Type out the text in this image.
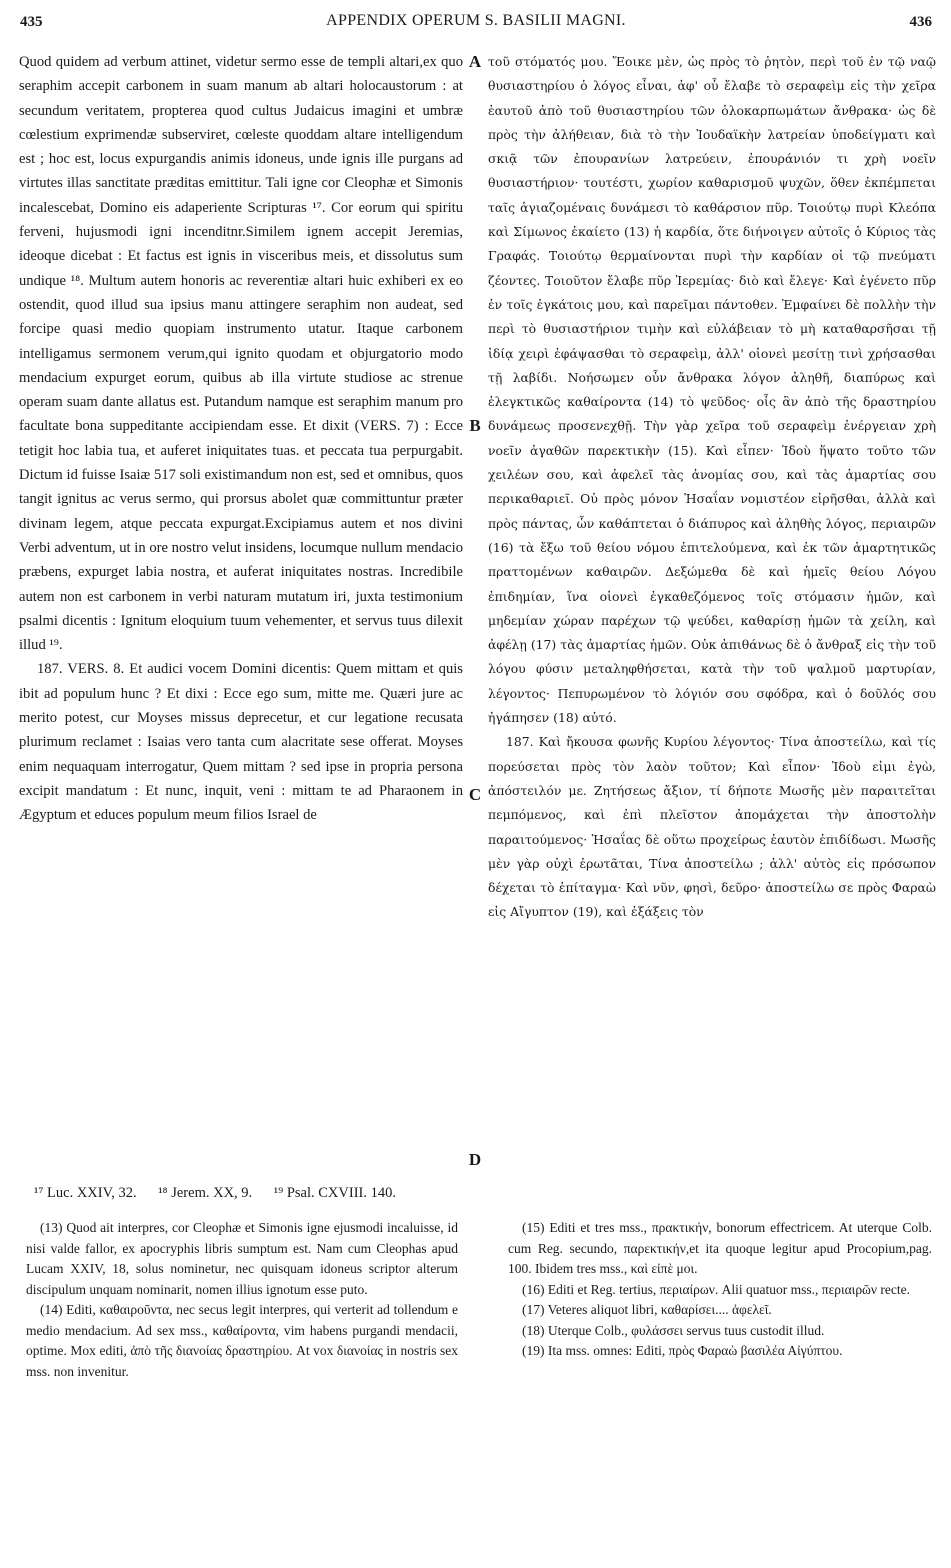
435	APPENDIX OPERUM S. BASILII MAGNI.	436

Quod quidem ad verbum attinet, videtur sermo esse de templi altari,ex quo seraphim accepit carbonem in suam manum ab altari holocaustorum : at secundum veritatem, propterea quod cultus Judaicus imagini et umbræ cœlestium exprimendæ subserviret, cœleste quoddam altare intelligendum est ; hoc est, locus expurgandis animis idoneus, unde ignis ille purgans ad virtutes illas sanctitate præditas emittitur. Tali igne cor Cleophæ et Simonis incalescebat, Domino eis adaperiente Scripturas ¹⁷. Cor eorum qui spiritu ferveni, hujusmodi igni incenditnr.Similem ignem accepit Jeremias, ideoque dicebat : Et factus est ignis in visceribus meis, et dissolutus sum undique ¹⁸. Multum autem honoris ac reverentiæ altari huic exhiberi ex eo ostendit, quod illud sua ipsius manu attingere seraphim non audeat, sed forcipe quasi medio quopiam instrumento utatur. Itaque carbonem intelligamus sermonem verum,qui ignito quodam et objurgatorio modo mendacium expurget eorum, quibus ab illa virtute studiose ac strenue operam suam dante allatus est. Putandum namque est seraphim manum pro facultate bona suppeditante accipiendam esse. Et dixit (VERS. 7) : Ecce tetigit hoc labia tua, et auferet iniquitates tuas. et peccata tua perpurgabit. Dictum id fuisse Isaiæ 517 soli existimandum non est, sed et omnibus, quos tangit ignitus ac verus sermo, qui prorsus abolet quæ committuntur præter divinam legem, atque peccata expurgat.Excipiamus autem et nos divini Verbi adventum, ut in ore nostro velut insidens, locumque nullum mendacio præbens, expurget labia nostra, et auferat iniquitates nostras. Incredibile autem non est carbonem in verbi naturam mutatum iri, juxta testimonium psalmi dicentis : Ignitum eloquium tuum vehementer, et servus tuus dilexit illud ¹⁹.

187. VERS. 8. Et audici vocem Domini dicentis: Quem mittam et quis ibit ad populum hunc ? Et dixi : Ecce ego sum, mitte me. Quæri jure ac merito potest, cur Moyses missus deprecetur, et cur legatione recusata plurimum reclamet : Isaias vero tanta cum alacritate sese offerat. Moyses enim nequaquam interrogatur, Quem mittam ? sed ipse in propria persona excipit mandatum : Et nunc, inquit, veni : mittam te ad Pharaonem in Ægyptum et educes populum meum filios Israel de

A
B
C
D

τοῦ στόματός μου. Ἔοικε μὲν, ὡς πρὸς τὸ ῥητὸν, περὶ τοῦ ἐν τῷ ναῷ θυσιαστηρίου ὁ λόγος εἶναι, ἀφ' οὗ ἔλαβε τὸ σεραφεὶμ εἰς τὴν χεῖρα ἑαυτοῦ ἀπὸ τοῦ θυσιαστηρίου τῶν ὁλοκαρπωμάτων ἄνθρακα· ὡς δὲ πρὸς τὴν ἀλήθειαν, διὰ τὸ τὴν Ἰουδαϊκὴν λατρείαν ὑποδείγματι καὶ σκιᾷ τῶν ἐπουρανίων λατρεύειν, ἐπουράνιόν τι χρὴ νοεῖν θυσιαστήριον· τουτέστι, χωρίον καθαρισμοῦ ψυχῶν, ὅθεν ἐκπέμπεται ταῖς ἁγιαζομέναις δυνάμεσι τὸ καθάρσιον πῦρ. Τοιούτῳ πυρὶ Κλεόπα καὶ Σίμωνος ἐκαίετο (13) ἡ καρδία, ὅτε διήνοιγεν αὐτοῖς ὁ Κύριος τὰς Γραφάς. Τοιούτῳ θερμαίνονται πυρὶ τὴν καρδίαν οἱ τῷ πνεύματι ζέοντες. Τοιοῦτον ἔλαβε πῦρ Ἱερεμίας· διὸ καὶ ἔλεγε· Καὶ ἐγένετο πῦρ ἐν τοῖς ἐγκάτοις μου, καὶ παρεῖμαι πάντοθεν. Ἐμφαίνει δὲ πολλὴν τὴν περὶ τὸ θυσιαστήριον τιμὴν καὶ εὐλάβειαν τὸ μὴ καταθαρσῆσαι τῇ ἰδίᾳ χειρὶ ἐφάψασθαι τὸ σεραφεὶμ, ἀλλ' οἱονεὶ μεσίτῃ τινὶ χρήσασθαι τῇ λαβίδι. Νοήσωμεν οὖν ἄνθρακα λόγον ἀληθῆ, διαπύρως καὶ ἐλεγκτικῶς καθαίροντα (14) τὸ ψεῦδος· οἷς ἂν ἀπὸ τῆς δραστηρίου δυνάμεως προσενεχθῇ. Τὴν γὰρ χεῖρα τοῦ σεραφεὶμ ἐνέργειαν χρὴ νοεῖν ἀγαθῶν παρεκτικὴν (15). Καὶ εἶπεν· Ἰδοὺ ἥψατο τοῦτο τῶν χειλέων σου, καὶ ἀφελεῖ τὰς ἀνομίας σου, καὶ τὰς ἁμαρτίας σου περικαθαριεῖ. Οὐ πρὸς μόνον Ἡσαΐαν νομιστέον εἰρῆσθαι, ἀλλὰ καὶ πρὸς πάντας, ὧν καθάπτεται ὁ διάπυρος καὶ ἀληθὴς λόγος, περιαιρῶν (16) τὰ ἔξω τοῦ θείου νόμου ἐπιτελούμενα, καὶ ἐκ τῶν ἁμαρτητικῶς πραττομένων καθαιρῶν. Δεξώμεθα δὲ καὶ ἡμεῖς θείου Λόγου ἐπιδημίαν, ἵνα οἱονεὶ ἐγκαθεζόμενος τοῖς στόμασιν ἡμῶν, καὶ μηδεμίαν χώραν παρέχων τῷ ψεύδει, καθαρίσῃ ἡμῶν τὰ χείλη, καὶ ἀφέλῃ (17) τὰς ἁμαρτίας ἡμῶν. Οὐκ ἀπιθάνως δὲ ὁ ἄνθραξ εἰς τὴν τοῦ λόγου φύσιν μεταληφθήσεται, κατὰ τὴν τοῦ ψαλμοῦ μαρτυρίαν, λέγοντος· Πεπυρωμένον τὸ λόγιόν σου σφόδρα, καὶ ὁ δοῦλός σου ἠγάπησεν (18) αὐτό.

187. Καὶ ἤκουσα φωνῆς Κυρίου λέγοντος· Τίνα ἀποστείλω, καὶ τίς πορεύσεται πρὸς τὸν λαὸν τοῦτον; Καὶ εἶπον· Ἰδοὺ εἰμι ἐγὼ, ἀπόστειλόν με. Ζητήσεως ἄξιον, τί δήποτε Μωσῆς μὲν παραιτεῖται πεμπόμενος, καὶ ἐπὶ πλεῖστον ἀπομάχεται τὴν ἀποστολὴν παραιτούμενος· Ἡσαΐας δὲ οὕτω προχείρως ἑαυτὸν ἐπιδίδωσι. Μωσῆς μὲν γὰρ οὐχὶ ἐρωτᾶται, Τίνα ἀποστείλω ; ἀλλ' αὐτὸς εἰς πρόσωπον δέχεται τὸ ἐπίταγμα· Καὶ νῦν, φησὶ, δεῦρο· ἀποστείλω σε πρὸς Φαραὼ εἰς Αἴγυπτον (19), καὶ ἐξάξεις τὸν

¹⁷ Luc. XXIV, 32. ¹⁸ Jerem. XX, 9. ¹⁹ Psal. CXVIII. 140.

(13) Quod ait interpres, cor Cleophæ et Simonis igne ejusmodi incaluisse, id nisi valde fallor, ex apocryphis libris sumptum est. Nam cum Cleophas apud Lucam XXIV, 18, solus nominetur, nec quisquam idoneus scriptor alterum discipulum unquam nominarit, nomen illius ignotum esse puto.

(14) Editi, καθαιροῦντα, nec secus legit interpres, qui verterit ad tollendum e medio mendacium. Ad sex mss., καθαίροντα, vim habens purgandi mendacii, optime. Mox editi, ἀπὸ τῆς διανοίας δραστηρίου. At vox διανοίας in nostris sex mss. non invenitur.

(15) Editi et tres mss., πρακτικήν, bonorum effectricem. At uterque Colb. cum Reg. secundo, παρεκτικήν,et ita quoque legitur apud Procopium,pag. 100. Ibidem tres mss., καὶ εἰπὲ μοι.

(16) Editi et Reg. tertius, περιαίρων. Alii quatuor mss., περιαιρῶν recte.

(17) Veteres aliquot libri, καθαρίσει.... ἀφελεῖ.

(18) Uterque Colb., φυλάσσει servus tuus custodit illud.

(19) Ita mss. omnes: Editi, πρὸς Φαραὼ βασιλέα Αἰγύπτου.
